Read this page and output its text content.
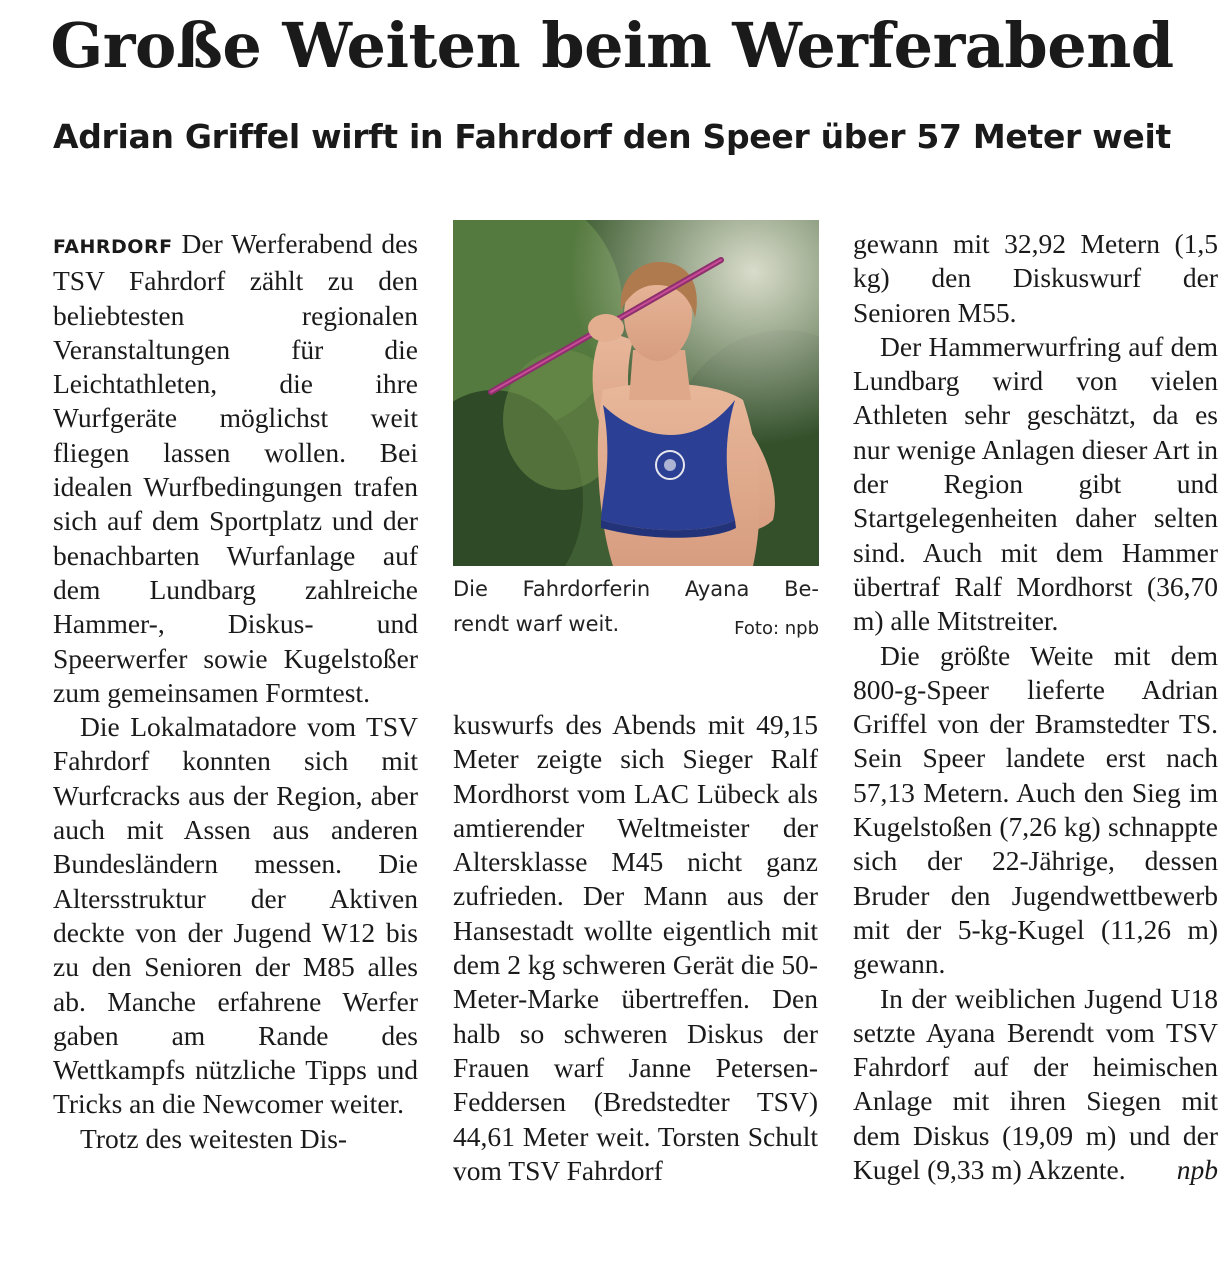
Große Weiten beim Werferabend
Adrian Griffel wirft in Fahrdorf den Speer über 57 Meter weit

FAHRDORF Der Werferabend des TSV Fahrdorf zählt zu den beliebtesten regionalen Veranstaltungen für die Leichtathleten, die ihre Wurfgeräte möglichst weit fliegen lassen wollen. Bei idealen Wurfbedingungen trafen sich auf dem Sportplatz und der benachbarten Wurfanlage auf dem Lundbarg zahlreiche Hammer-, Diskus- und Speerwerfer sowie Kugelstoßer zum gemeinsamen Formtest.

Die Lokalmatadore vom TSV Fahrdorf konnten sich mit Wurfcracks aus der Region, aber auch mit Assen aus anderen Bundesländern messen. Die Altersstruktur der Aktiven deckte von der Jugend W12 bis zu den Senioren der M85 alles ab. Manche erfahrene Werfer gaben am Rande des Wettkampfs nützliche Tipps und Tricks an die Newcomer weiter.

Trotz des weitesten Dis-

Die Fahrdorferin Ayana Be-
rendt warf weit.	Foto: npb

kuswurfs des Abends mit 49,15 Meter zeigte sich Sieger Ralf Mordhorst vom LAC Lübeck als amtierender Weltmeister der Altersklasse M45 nicht ganz zufrieden. Der Mann aus der Hansestadt wollte eigentlich mit dem 2 kg schweren Gerät die 50-Meter-Marke übertreffen. Den halb so schweren Diskus der Frauen warf Janne Petersen-Feddersen (Bredstedter TSV) 44,61 Meter weit. Torsten Schult vom TSV Fahrdorf

gewann mit 32,92 Metern (1,5 kg) den Diskuswurf der Senioren M55.

Der Hammerwurfring auf dem Lundbarg wird von vielen Athleten sehr geschätzt, da es nur wenige Anlagen dieser Art in der Region gibt und Startgelegenheiten daher selten sind. Auch mit dem Hammer übertraf Ralf Mordhorst (36,70 m) alle Mitstreiter.

Die größte Weite mit dem 800-g-Speer lieferte Adrian Griffel von der Bramstedter TS. Sein Speer landete erst nach 57,13 Metern. Auch den Sieg im Kugelstoßen (7,26 kg) schnappte sich der 22-Jährige, dessen Bruder den Jugendwettbewerb mit der 5-kg-Kugel (11,26 m) gewann.

In der weiblichen Jugend U18 setzte Ayana Berendt vom TSV Fahrdorf auf der heimischen Anlage mit ihren Siegen mit dem Diskus (19,09 m) und der Kugel (9,33 m) Akzente.	npb
